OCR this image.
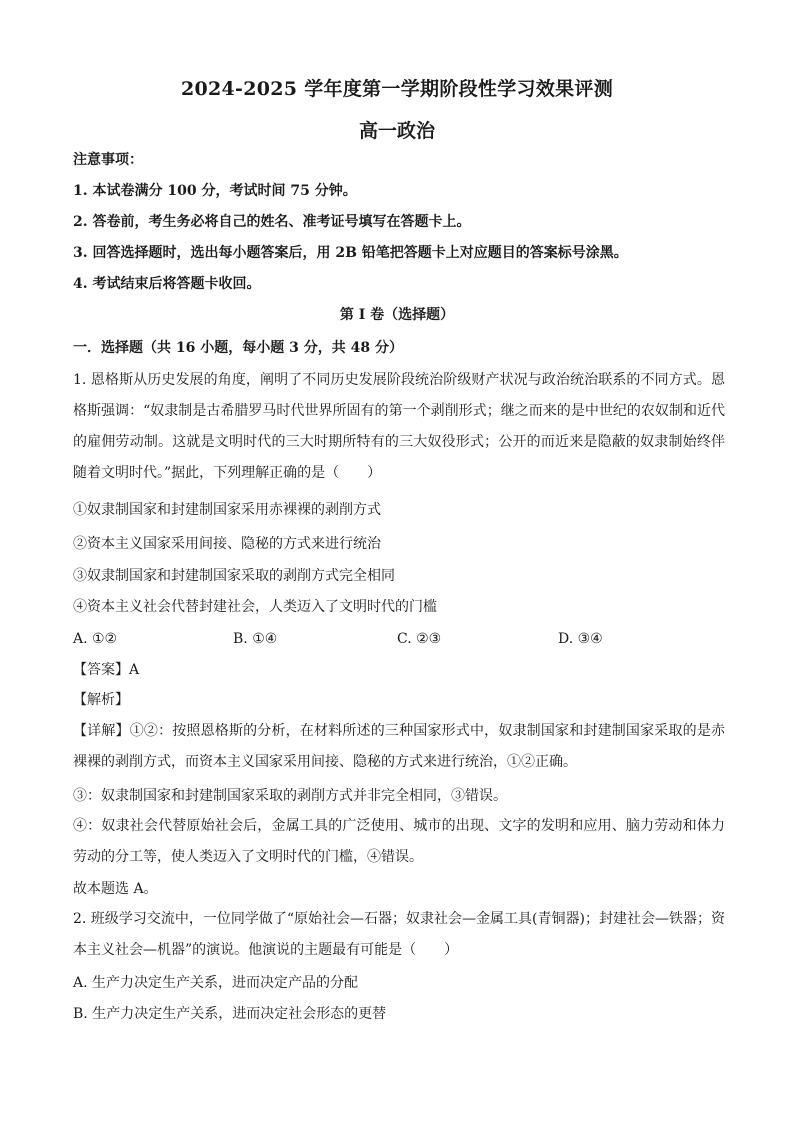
2024-2025 学年度第一学期阶段性学习效果评测
高一政治
注意事项：
1. 本试卷满分 100 分，考试时间 75 分钟。
2. 答卷前，考生务必将自己的姓名、准考证号填写在答题卡上。
3. 回答选择题时，选出每小题答案后，用 2B 铅笔把答题卡上对应题目的答案标号涂黑。
4. 考试结束后将答题卡收回。
第 I 卷（选择题）
一．选择题（共 16 小题，每小题 3 分，共 48 分）
1. 恩格斯从历史发展的角度，阐明了不同历史发展阶段统治阶级财产状况与政治统治联系的不同方式。恩格斯强调：“奴隶制是古希腊罗马时代世界所固有的第一个剥削形式；继之而来的是中世纪的农奴制和近代的雇佣劳动制。这就是文明时代的三大时期所特有的三大奴役形式；公开的而近来是隐蔽的奴隶制始终伴随着文明时代。”据此，下列理解正确的是（　　）
①奴隶制国家和封建制国家采用赤裸裸的剥削方式
②资本主义国家采用间接、隐秘的方式来进行统治
③奴隶制国家和封建制国家采取的剥削方式完全相同
④资本主义社会代替封建社会，人类迈入了文明时代的门槛
A. ①②	B. ①④	C. ②③	D. ③④
【答案】A
【解析】
【详解】①②：按照恩格斯的分析，在材料所述的三种国家形式中，奴隶制国家和封建制国家采取的是赤裸裸的剥削方式，而资本主义国家采用间接、隐秘的方式来进行统治，①②正确。
③：奴隶制国家和封建制国家采取的剥削方式并非完全相同，③错误。
④：奴隶社会代替原始社会后，金属工具的广泛使用、城市的出现、文字的发明和应用、脑力劳动和体力劳动的分工等，使人类迈入了文明时代的门槛，④错误。
故本题选 A。
2. 班级学习交流中，一位同学做了“原始社会—石器；奴隶社会—金属工具(青铜器)；封建社会—铁器；资本主义社会—机器”的演说。他演说的主题最有可能是（　　）
A. 生产力决定生产关系，进而决定产品的分配
B. 生产力决定生产关系，进而决定社会形态的更替
